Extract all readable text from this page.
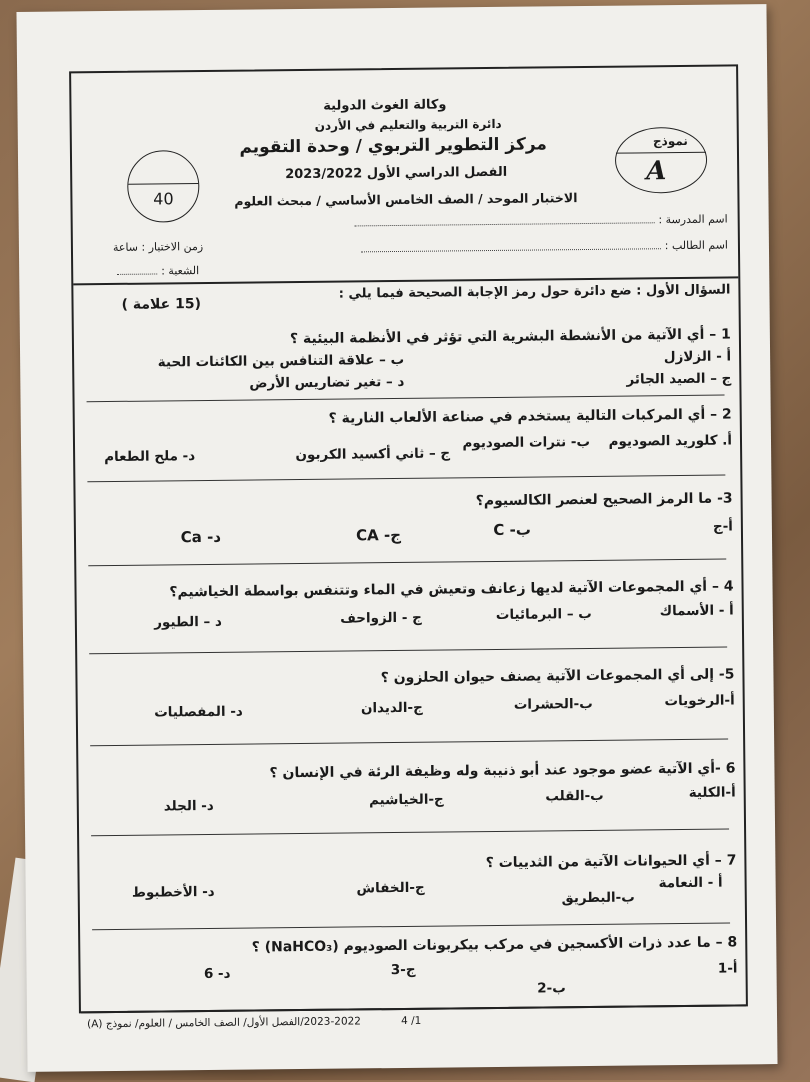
وكالة الغوث الدولية
دائرة التربية والتعليم في الأردن
مركز التطوير التربوي / وحدة التقويم
الفصل الدراسي الأول 2023/2022
الاختبار الموحد / الصف الخامس الأساسي / مبحث العلوم
نموذج
A
40
اسم المدرسة :
اسم الطالب :
زمن الاختبار : ساعة
الشعبة :
السؤال الأول : ضع دائرة حول رمز الإجابة الصحيحة فيما يلي :
(15 علامة )
1 – أي الآتية من الأنشطة البشرية التي تؤثر في الأنظمة البيئية ؟
أ - الزلازل
ب – علاقة التنافس بين الكائنات الحية
ج – الصيد الجائر
د – تغير تضاريس الأرض
2 – أي المركبات التالية يستخدم في صناعة الألعاب النارية ؟
أ. كلوريد الصوديوم
ب- نترات الصوديوم
ج – ثاني أكسيد الكربون
د- ملح الطعام
3- ما الرمز الصحيح لعنصر الكالسيوم؟
أ-ج
ب- C
ج- CA
د- Ca
4 – أي المجموعات الآتية لديها زعانف وتعيش في الماء وتتنفس بواسطة الخياشيم؟
أ - الأسماك
ب – البرمائيات
ج - الزواحف
د – الطيور
5- إلى أي المجموعات الآتية يصنف حيوان الحلزون ؟
أ-الرخويات
ب-الحشرات
ج-الديدان
د- المفصليات
6 -أي الآتية عضو موجود عند أبو ذنيبة وله وظيفة الرئة في الإنسان ؟
أ-الكلية
ب-القلب
ج-الخياشيم
د- الجلد
7 – أي الحيوانات الآتية من الثدييات ؟
أ - النعامة
ب-البطريق
ج-الخفاش
د- الأخطبوط
8 – ما عدد ذرات الأكسجين في مركب بيكربونات الصوديوم (NaHCO₃) ؟
أ-1
ب-2
ج-3
د- 6
2023-2022/الفصل الأول/ الصف الخامس / العلوم/ نموذج (A)	4 /1
